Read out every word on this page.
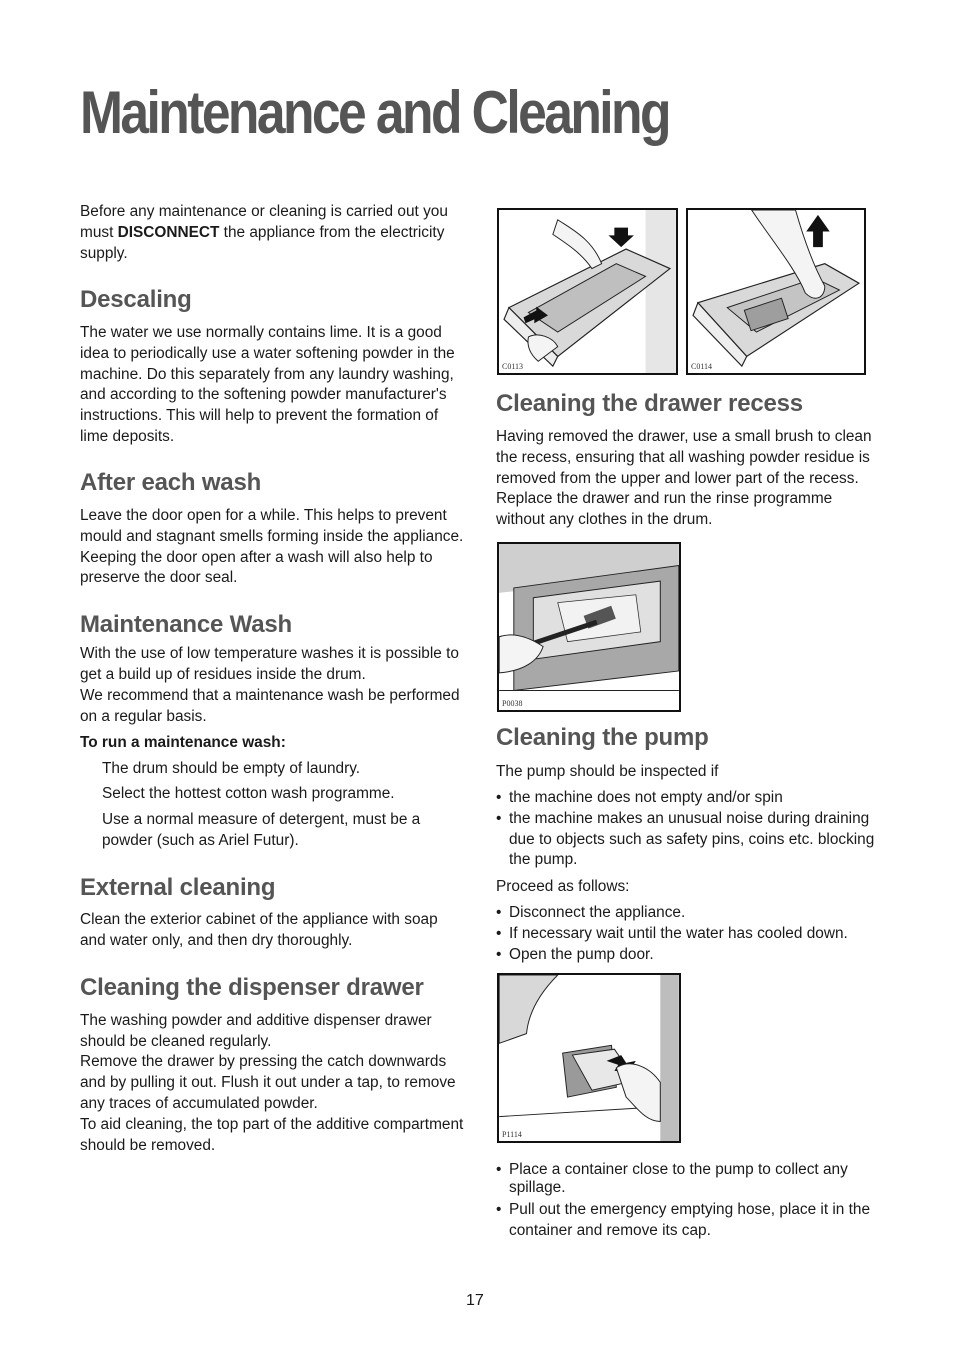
Maintenance and Cleaning

Before any maintenance or cleaning is carried out you must DISCONNECT the appliance from the electricity supply.

Descaling

The water we use normally contains lime. It is a good idea to periodically use a water softening powder in the machine. Do this separately from any laundry washing, and according to the softening powder manufacturer's instructions. This will help to prevent the formation of lime deposits.

After each wash

Leave the door open for a while. This helps to prevent mould and stagnant smells forming inside the appliance. Keeping the door open after a wash will also help to preserve the door seal.

Maintenance Wash

With the use of low temperature washes it is possible to get a build up of residues inside the drum.

We recommend that a maintenance wash be performed on a regular basis.

To run a maintenance wash:

The drum should be empty of laundry.

Select the hottest cotton wash programme.

Use a normal measure of detergent, must be a powder (such as Ariel Futur).

External cleaning

Clean the exterior cabinet of the appliance with soap and water only, and then dry thoroughly.

Cleaning the dispenser drawer

The washing powder and additive dispenser drawer should be cleaned regularly.

Remove the drawer by pressing the catch downwards and by pulling it out. Flush it out under a tap, to remove any traces of accumulated powder.

To aid cleaning, the top part of the additive compartment should be removed.

C0113	C0114
Cleaning the drawer recess

Having removed the drawer, use a small brush to clean the recess, ensuring that all washing powder residue is removed from the upper and lower part of the recess. Replace the drawer and run the rinse programme without any clothes in the drum.

Cleaning the pump

The pump should be inspected if

• the machine does not empty and/or spin
• the machine makes an unusual noise during draining due to objects such as safety pins, coins etc. blocking the pump.

Proceed as follows:

• Disconnect the appliance.
• If necessary wait until the water has cooled down.
• Open the pump door.
• Place a container close to the pump to collect any spillage.
• Pull out the emergency emptying hose, place it in the container and remove its cap.
P0038
P1114
17
